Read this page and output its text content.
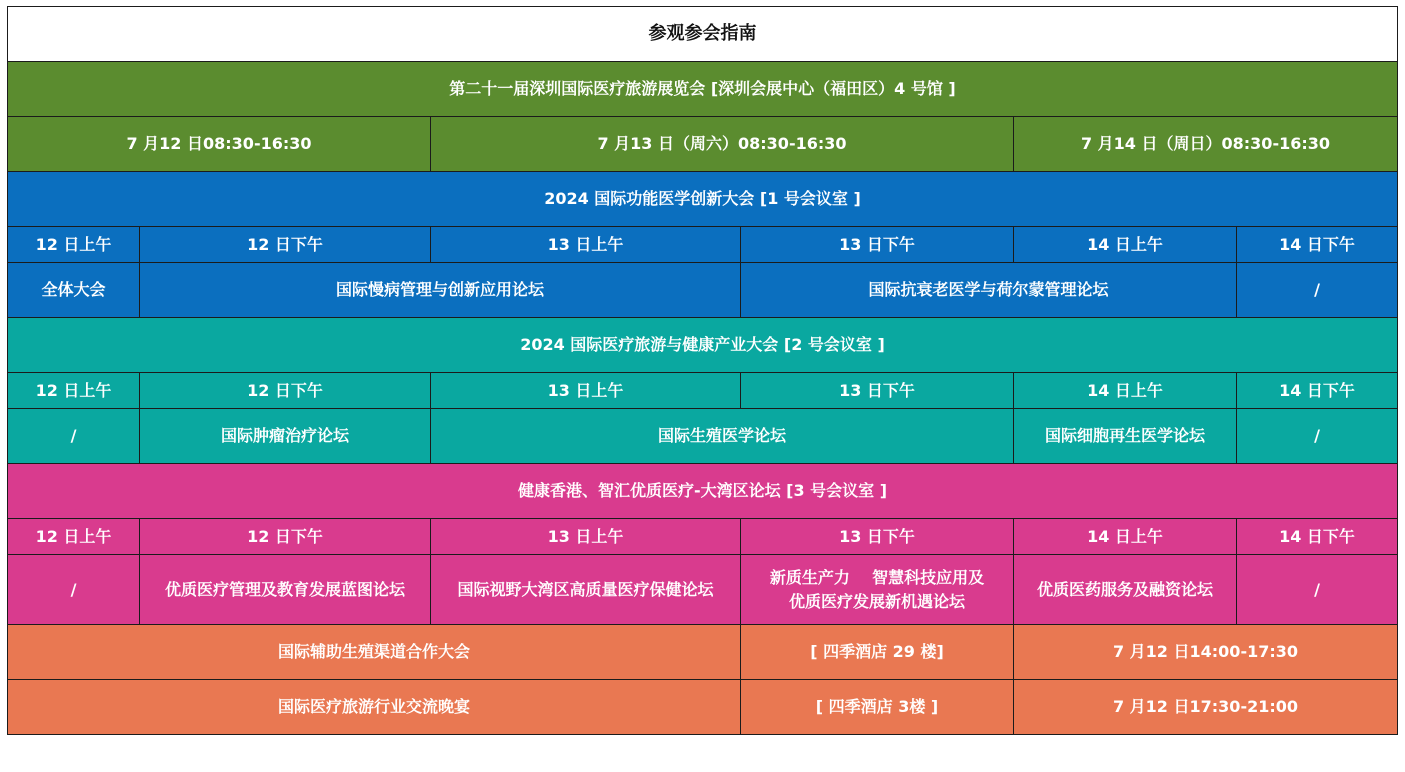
参观参会指南					
第二十一届深圳国际医疗旅游展览会 [深圳会展中心（福田区）4 号馆 ]					
7 月12 日08:30-16:30		7 月13 日（周六）08:30-16:30		7 月14 日（周日）08:30-16:30	
2024 国际功能医学创新大会 [1 号会议室 ]					
12 日上午	12 日下午	13 日上午	13 日下午	14 日上午	14 日下午
全体大会	国际慢病管理与创新应用论坛		国际抗衰老医学与荷尔蒙管理论坛		/
2024 国际医疗旅游与健康产业大会 [2 号会议室 ]					
12 日上午	12 日下午	13 日上午	13 日下午	14 日上午	14 日下午
/	国际肿瘤治疗论坛	国际生殖医学论坛		国际细胞再生医学论坛	/
健康香港、智汇优质医疗-大湾区论坛 [3 号会议室 ]					
12 日上午	12 日下午	13 日上午	13 日下午	14 日上午	14 日下午
/	优质医疗管理及教育发展蓝图论坛	国际视野大湾区高质量医疗保健论坛	新质生产力    智慧科技应用及
优质医疗发展新机遇论坛	优质医药服务及融资论坛	/
国际辅助生殖渠道合作大会			[ 四季酒店 29 楼]	7 月12 日14:00-17:30	
国际医疗旅游行业交流晚宴			[ 四季酒店 3楼 ]	7 月12 日17:30-21:00	
